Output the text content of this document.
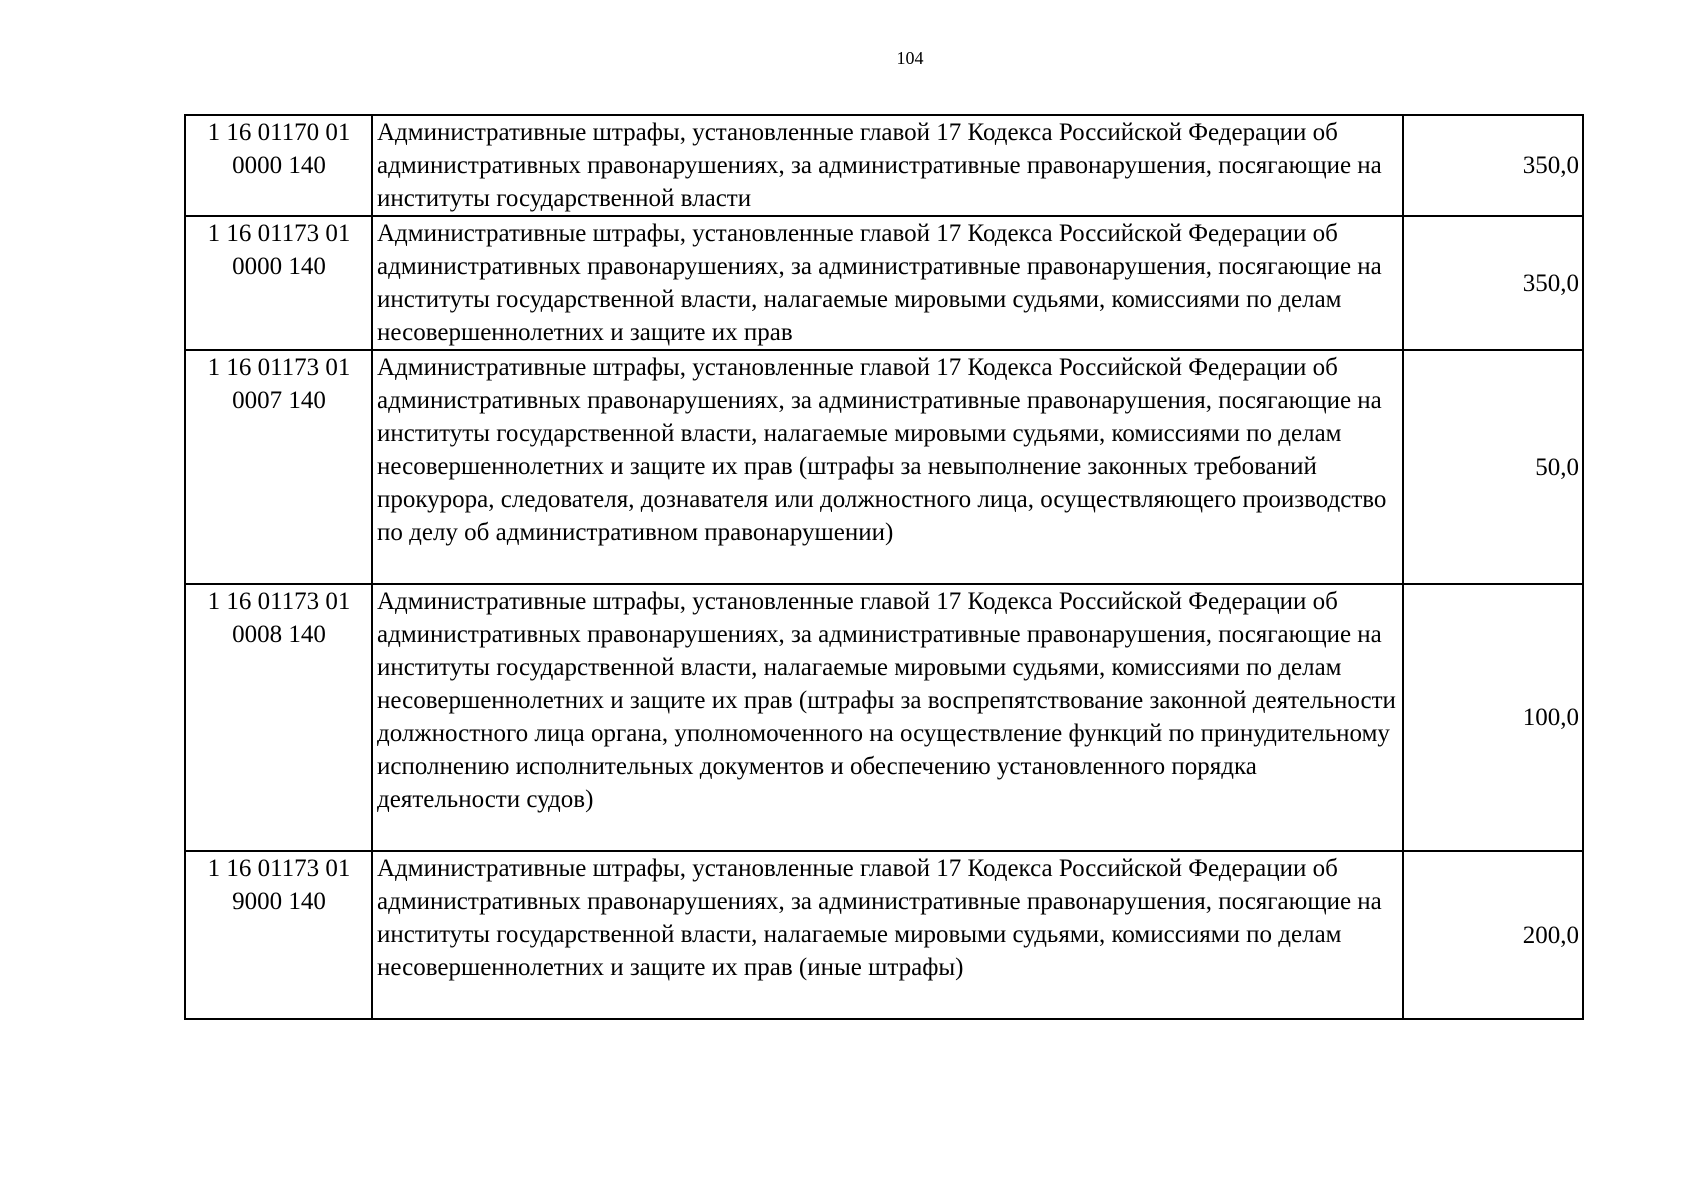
104
1 16 01170 01
0000 140	Административные штрафы, установленные главой 17 Кодекса Российской Федерации об административных правонарушениях, за административные правонарушения, посягающие на институты государственной власти	350,0

1 16 01173 01
0000 140	Административные штрафы, установленные главой 17 Кодекса Российской Федерации об административных правонарушениях, за административные правонарушения, посягающие на институты государственной власти, налагаемые мировыми судьями, комиссиями по делам несовершеннолетних и защите их прав	350,0

1 16 01173 01
0007 140	Административные штрафы, установленные главой 17 Кодекса Российской Федерации об административных правонарушениях, за административные правонарушения, посягающие на институты государственной власти, налагаемые мировыми судьями, комиссиями по делам несовершеннолетних и защите их прав (штрафы за невыполнение законных требований прокурора, следователя, дознавателя или должностного лица, осуществляющего производство по делу об административном правонарушении)	50,0

1 16 01173 01
0008 140	Административные штрафы, установленные главой 17 Кодекса Российской Федерации об административных правонарушениях, за административные правонарушения, посягающие на институты государственной власти, налагаемые мировыми судьями, комиссиями по делам несовершеннолетних и защите их прав (штрафы за воспрепятствование законной деятельности должностного лица органа, уполномоченного на осуществление функций по принудительному исполнению исполнительных документов и обеспечению установленного порядка деятельности судов)	100,0

1 16 01173 01
9000 140	Административные штрафы, установленные главой 17 Кодекса Российской Федерации об административных правонарушениях, за административные правонарушения, посягающие на институты государственной власти, налагаемые мировыми судьями, комиссиями по делам несовершеннолетних и защите их прав (иные штрафы)	200,0
